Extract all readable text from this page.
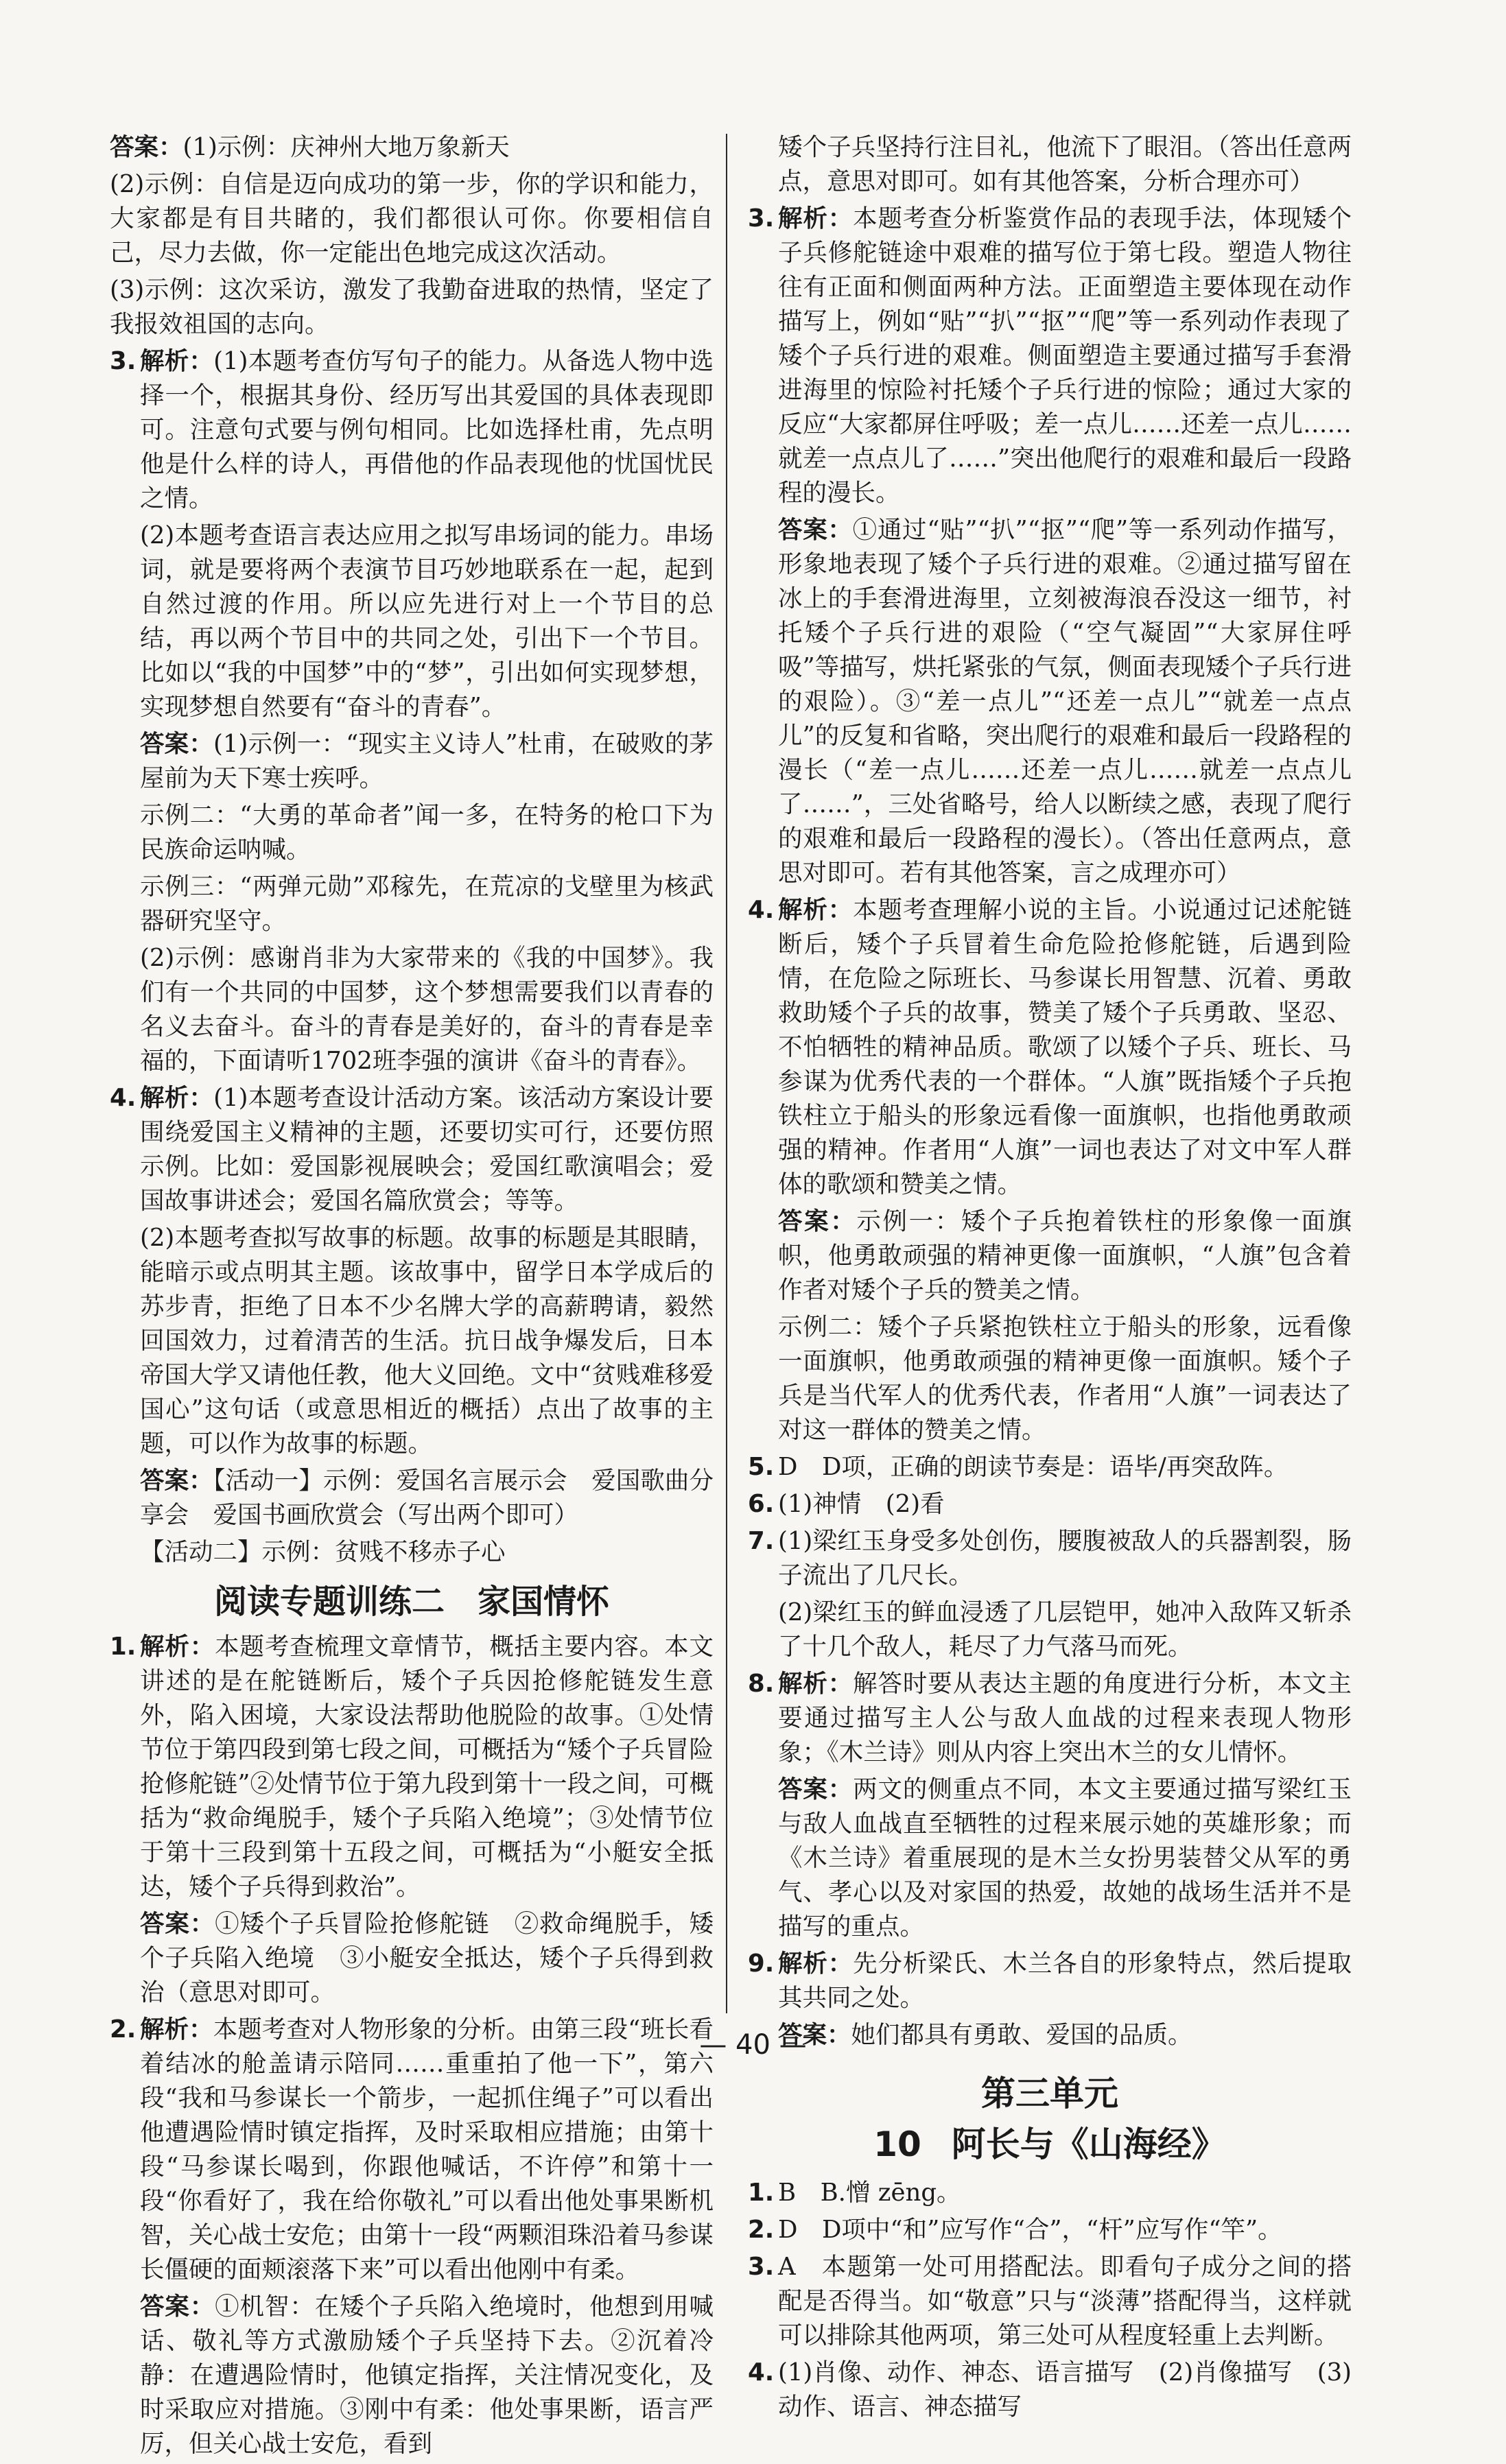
答案：(1)示例：庆神州大地万象新天
(2)示例：自信是迈向成功的第一步，你的学识和能力，大家都是有目共睹的，我们都很认可你。你要相信自己，尽力去做，你一定能出色地完成这次活动。
(3)示例：这次采访，激发了我勤奋进取的热情，坚定了我报效祖国的志向。
3. 解析：(1)本题考查仿写句子的能力。从备选人物中选择一个，根据其身份、经历写出其爱国的具体表现即可。注意句式要与例句相同。比如选择杜甫，先点明他是什么样的诗人，再借他的作品表现他的忧国忧民之情。
(2)本题考查语言表达应用之拟写串场词的能力。串场词，就是要将两个表演节目巧妙地联系在一起，起到自然过渡的作用。所以应先进行对上一个节目的总结，再以两个节目中的共同之处，引出下一个节目。比如以“我的中国梦”中的“梦”，引出如何实现梦想，实现梦想自然要有“奋斗的青春”。
答案：(1)示例一：“现实主义诗人”杜甫，在破败的茅屋前为天下寒士疾呼。
示例二：“大勇的革命者”闻一多，在特务的枪口下为民族命运呐喊。
示例三：“两弹元勋”邓稼先，在荒凉的戈壁里为核武器研究坚守。
(2)示例：感谢肖非为大家带来的《我的中国梦》。我们有一个共同的中国梦，这个梦想需要我们以青春的名义去奋斗。奋斗的青春是美好的，奋斗的青春是幸福的，下面请听1702班李强的演讲《奋斗的青春》。
4. 解析：(1)本题考查设计活动方案。该活动方案设计要围绕爱国主义精神的主题，还要切实可行，还要仿照示例。比如：爱国影视展映会；爱国红歌演唱会；爱国故事讲述会；爱国名篇欣赏会；等等。
(2)本题考查拟写故事的标题。故事的标题是其眼睛，能暗示或点明其主题。该故事中，留学日本学成后的苏步青，拒绝了日本不少名牌大学的高薪聘请，毅然回国效力，过着清苦的生活。抗日战争爆发后，日本帝国大学又请他任教，他大义回绝。文中“贫贱难移爱国心”这句话（或意思相近的概括）点出了故事的主题，可以作为故事的标题。
答案：【活动一】示例：爱国名言展示会　爱国歌曲分享会　爱国书画欣赏会（写出两个即可）
【活动二】示例：贫贱不移赤子心
阅读专题训练二　家国情怀
1. 解析：本题考查梳理文章情节，概括主要内容。本文讲述的是在舵链断后，矮个子兵因抢修舵链发生意外，陷入困境，大家设法帮助他脱险的故事。①处情节位于第四段到第七段之间，可概括为“矮个子兵冒险抢修舵链”②处情节位于第九段到第十一段之间，可概括为“救命绳脱手，矮个子兵陷入绝境”；③处情节位于第十三段到第十五段之间，可概括为“小艇安全抵达，矮个子兵得到救治”。
答案：①矮个子兵冒险抢修舵链　②救命绳脱手，矮个子兵陷入绝境　③小艇安全抵达，矮个子兵得到救治（意思对即可。
2. 解析：本题考查对人物形象的分析。由第三段“班长看着结冰的舱盖请示陪同……重重拍了他一下”，第六段“我和马参谋长一个箭步，一起抓住绳子”可以看出他遭遇险情时镇定指挥，及时采取相应措施；由第十段“马参谋长喝到，你跟他喊话，不许停”和第十一段“你看好了，我在给你敬礼”可以看出他处事果断机智，关心战士安危；由第十一段“两颗泪珠沿着马参谋长僵硬的面颊滚落下来”可以看出他刚中有柔。
答案：①机智：在矮个子兵陷入绝境时，他想到用喊话、敬礼等方式激励矮个子兵坚持下去。②沉着冷静：在遭遇险情时，他镇定指挥，关注情况变化，及时采取应对措施。③刚中有柔：他处事果断，语言严厉，但关心战士安危，看到
矮个子兵坚持行注目礼，他流下了眼泪。（答出任意两点，意思对即可。如有其他答案，分析合理亦可）
3. 解析：本题考查分析鉴赏作品的表现手法，体现矮个子兵修舵链途中艰难的描写位于第七段。塑造人物往往有正面和侧面两种方法。正面塑造主要体现在动作描写上，例如“贴”“扒”“抠”“爬”等一系列动作表现了矮个子兵行进的艰难。侧面塑造主要通过描写手套滑进海里的惊险衬托矮个子兵行进的惊险；通过大家的反应“大家都屏住呼吸；差一点儿……还差一点儿……就差一点点儿了……”突出他爬行的艰难和最后一段路程的漫长。
答案：①通过“贴”“扒”“抠”“爬”等一系列动作描写，形象地表现了矮个子兵行进的艰难。②通过描写留在冰上的手套滑进海里，立刻被海浪吞没这一细节，衬托矮个子兵行进的艰险（“空气凝固”“大家屏住呼吸”等描写，烘托紧张的气氛，侧面表现矮个子兵行进的艰险）。③“差一点儿”“还差一点儿”“就差一点点儿”的反复和省略，突出爬行的艰难和最后一段路程的漫长（“差一点儿……还差一点儿……就差一点点儿了……”，三处省略号，给人以断续之感，表现了爬行的艰难和最后一段路程的漫长）。（答出任意两点，意思对即可。若有其他答案，言之成理亦可）
4. 解析：本题考查理解小说的主旨。小说通过记述舵链断后，矮个子兵冒着生命危险抢修舵链，后遇到险情，在危险之际班长、马参谋长用智慧、沉着、勇敢救助矮个子兵的故事，赞美了矮个子兵勇敢、坚忍、不怕牺牲的精神品质。歌颂了以矮个子兵、班长、马参谋为优秀代表的一个群体。“人旗”既指矮个子兵抱铁柱立于船头的形象远看像一面旗帜，也指他勇敢顽强的精神。作者用“人旗”一词也表达了对文中军人群体的歌颂和赞美之情。
答案：示例一：矮个子兵抱着铁柱的形象像一面旗帜，他勇敢顽强的精神更像一面旗帜，“人旗”包含着作者对矮个子兵的赞美之情。
示例二：矮个子兵紧抱铁柱立于船头的形象，远看像一面旗帜，他勇敢顽强的精神更像一面旗帜。矮个子兵是当代军人的优秀代表，作者用“人旗”一词表达了对这一群体的赞美之情。
5. D　D项，正确的朗读节奏是：语毕/再突敌阵。
6. (1)神情　(2)看
7. (1)梁红玉身受多处创伤，腰腹被敌人的兵器割裂，肠子流出了几尺长。
(2)梁红玉的鲜血浸透了几层铠甲，她冲入敌阵又斩杀了十几个敌人，耗尽了力气落马而死。
8. 解析：解答时要从表达主题的角度进行分析，本文主要通过描写主人公与敌人血战的过程来表现人物形象；《木兰诗》则从内容上突出木兰的女儿情怀。
答案：两文的侧重点不同，本文主要通过描写梁红玉与敌人血战直至牺牲的过程来展示她的英雄形象；而《木兰诗》着重展现的是木兰女扮男装替父从军的勇气、孝心以及对家国的热爱，故她的战场生活并不是描写的重点。
9. 解析：先分析梁氏、木兰各自的形象特点，然后提取其共同之处。
答案：她们都具有勇敢、爱国的品质。
第三单元
10 阿长与《山海经》
1. B　B.憎 zēng。
2. D　D项中“和”应写作“合”，“杆”应写作“竿”。
3. A　本题第一处可用搭配法。即看句子成分之间的搭配是否得当。如“敬意”只与“淡薄”搭配得当，这样就可以排除其他两项，第三处可从程度轻重上去判断。
4. (1)肖像、动作、神态、语言描写　(2)肖像描写　(3)动作、语言、神态描写
— 40 —
